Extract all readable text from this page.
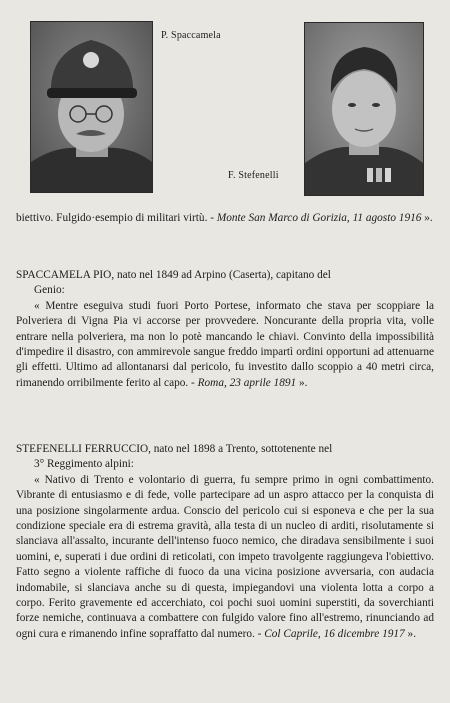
P. Spaccamela
F. Stefenelli

biettivo. Fulgido·esempio di militari virtù. - Monte San Marco di Gorizia, 11 agosto 1916 ».

SPACCAMELA PIO, nato nel 1849 ad Arpino (Caserta), capitano del

Genio:

« Mentre eseguiva studi fuori Porto Portese, informato che stava per scoppiare la Polveriera di Vigna Pia vi accorse per provvedere. Noncurante della propria vita, volle entrare nella polveriera, ma non lo potè mancando le chiavi. Convinto della impossibilità d'impedire il disastro, con ammirevole sangue freddo impartì ordini opportuni ad attenuarne gli effetti. Ultimo ad allontanarsi dal pericolo, fu investito dallo scoppio a 40 metri circa, rimanendo orribilmente ferito al capo. - Roma, 23 aprile 1891 ».

STEFENELLI FERRUCCIO, nato nel 1898 a Trento, sottotenente nel

3° Reggimento alpini:

« Nativo di Trento e volontario di guerra, fu sempre primo in ogni combattimento. Vibrante di entusiasmo e di fede, volle partecipare ad un aspro attacco per la conquista di una posizione singolarmente ardua. Conscio del pericolo cui si esponeva e che per la sua condizione speciale era di estrema gravità, alla testa di un nucleo di arditi, risolutamente si slanciava all'assalto, incurante dell'intenso fuoco nemico, che diradava sensibilmente i suoi uomini, e, superati i due ordini di reticolati, con impeto travolgente raggiungeva l'obiettivo. Fatto segno a violente raffiche di fuoco da una vicina posizione avversaria, con audacia indomabile, si slanciava anche su di questa, impiegandovi una violenta lotta a corpo a corpo. Ferito gravemente ed accerchiato, coi pochi suoi uomini superstiti, da soverchianti forze nemiche, continuava a combattere con fulgido valore fino all'estremo, rinunciando ad ogni cura e rimanendo infine sopraffatto dal numero. - Col Caprile, 16 dicembre 1917 ».
